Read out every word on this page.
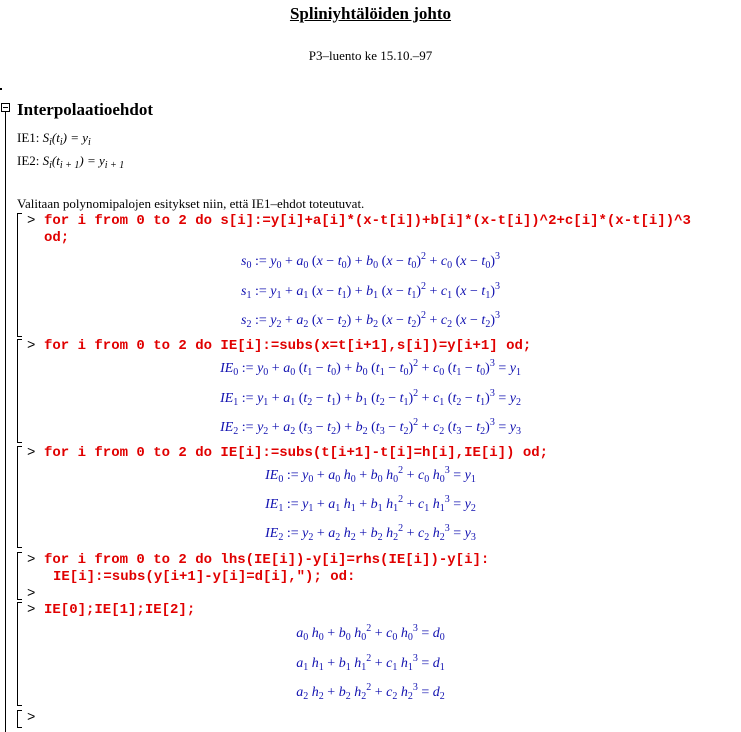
Spliniyhtälöiden johto
P3–luento ke 15.10.–97
Interpolaatioehdot
IE1: $S_i(t_i) = y_i$
IE2: $S_i(t_{i + 1}) = y_{i + 1}$
Valitaan polynomipalojen esitykset niin, että IE1–ehdot toteutuvat.
> for i from 0 to 2 do s[i]:=y[i]+a[i]*(x-t[i])+b[i]*(x-t[i])^2+c[i]*(x-t[i])^3
od;
$s_0$ := $y_0 + a_0$ $(x - t_0) + b_0$ $(x - t_0)^2 + c_0$ $(x - t_0)^3$
$s_1$ := $y_1 + a_1$ $(x - t_1) + b_1$ $(x - t_1)^2 + c_1$ $(x - t_1)^3$
$s_2$ := $y_2 + a_2$ $(x - t_2) + b_2$ $(x - t_2)^2 + c_2$ $(x - t_2)^3$
> for i from 0 to 2 do IE[i]:=subs(x=t[i+1],s[i])=y[i+1] od;
$IE_0$ := $y_0 + a_0$ $(t_1 - t_0) + b_0$ $(t_1 - t_0)^2 + c_0$ $(t_1 - t_0)^3 = y_1$
$IE_1$ := $y_1 + a_1$ $(t_2 - t_1) + b_1$ $(t_2 - t_1)^2 + c_1$ $(t_2 - t_1)^3 = y_2$
$IE_2$ := $y_2 + a_2$ $(t_3 - t_2) + b_2$ $(t_3 - t_2)^2 + c_2$ $(t_3 - t_2)^3 = y_3$
> for i from 0 to 2 do IE[i]:=subs(t[i+1]-t[i]=h[i],IE[i]) od;
$IE_0$ := $y_0 + a_0$ $h_0 + b_0$ $h_0^2 + c_0$ $h_0^3 = y_1$
$IE_1$ := $y_1 + a_1$ $h_1 + b_1$ $h_1^2 + c_1$ $h_1^3 = y_2$
$IE_2$ := $y_2 + a_2$ $h_2 + b_2$ $h_2^2 + c_2$ $h_2^3 = y_3$
> for i from 0 to 2 do lhs(IE[i])-y[i]=rhs(IE[i])-y[i]:
IE[i]:=subs(y[i+1]-y[i]=d[i],"); od:
>
> IE[0];IE[1];IE[2];
$a_0$ $h_0 + b_0$ $h_0^2 + c_0$ $h_0^3 = d_0$
$a_1$ $h_1 + b_1$ $h_1^2 + c_1$ $h_1^3 = d_1$
$a_2$ $h_2 + b_2$ $h_2^2 + c_2$ $h_2^3 = d_2$
>
